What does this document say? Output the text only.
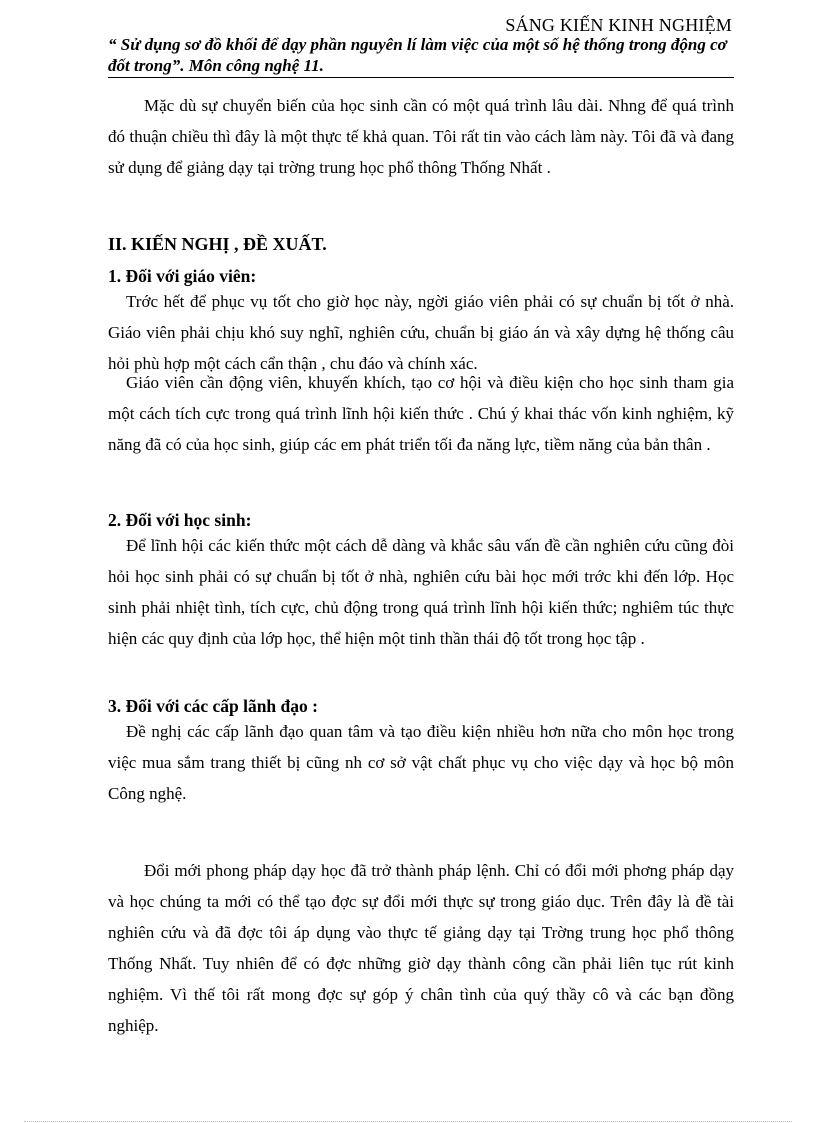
SÁNG KIẾN KINH NGHIỆM
“ Sử dụng sơ đồ khối để dạy phần nguyên lí làm việc của một số hệ thống trong động cơ đốt trong”. Môn công nghệ 11.

Mặc dù sự chuyển biến của học sinh cần có một quá trình lâu dài. Nhng để quá trình đó thuận chiều thì đây là một thực tế khả quan. Tôi rất tin vào cách làm này. Tôi đã và đang sử dụng để giảng dạy tại trờng trung học phổ thông Thống Nhất .

II. KIẾN NGHỊ , ĐỀ XUẤT.
1. Đối với giáo viên:

Trớc hết để phục vụ tốt cho giờ học này, ngời giáo viên phải có sự chuẩn bị tốt ở nhà. Giáo viên phải chịu khó suy nghĩ, nghiên cứu, chuẩn bị giáo án và xây dựng hệ thống câu hỏi phù hợp một cách cẩn thận , chu đáo và chính xác.

Giáo viên cần động viên, khuyến khích, tạo cơ hội và điều kiện cho học sinh tham gia một cách tích cực trong quá trình lĩnh hội kiến thức . Chú ý khai thác vốn kinh nghiệm, kỹ năng đã có của học sinh, giúp các em phát triển tối đa năng lực, tiềm năng của bản thân .

2. Đối với học sinh:

Để lĩnh hội các kiến thức một cách dễ dàng và khắc sâu vấn đề cần nghiên cứu cũng đòi hỏi học sinh phải có sự chuẩn bị tốt ở nhà, nghiên cứu bài học mới trớc khi đến lớp. Học sinh phải nhiệt tình, tích cực, chủ động trong quá trình lĩnh hội kiến thức; nghiêm túc thực hiện các quy định của lớp học, thể hiện một tinh thần thái độ tốt trong học tập .

3. Đối với các cấp lãnh đạo :

Đề nghị các cấp lãnh đạo quan tâm và tạo điều kiện nhiều hơn nữa cho môn học trong việc mua sắm trang thiết bị cũng nh cơ sở vật chất phục vụ cho việc dạy và học bộ môn Công nghệ.

Đổi mới phong pháp dạy học đã trở thành pháp lệnh. Chỉ có đổi mới phơng pháp dạy và học chúng ta mới có thể tạo đợc sự đổi mới thực sự trong giáo dục. Trên đây là đề tài nghiên cứu và đã đợc tôi áp dụng vào thực tế giảng dạy tại Trờng trung học phổ thông Thống Nhất. Tuy nhiên để có đợc những giờ dạy thành công cần phải liên tục rút kinh nghiệm. Vì thế tôi rất mong đợc sự góp ý chân tình của quý thầy cô và các bạn đồng nghiệp.
